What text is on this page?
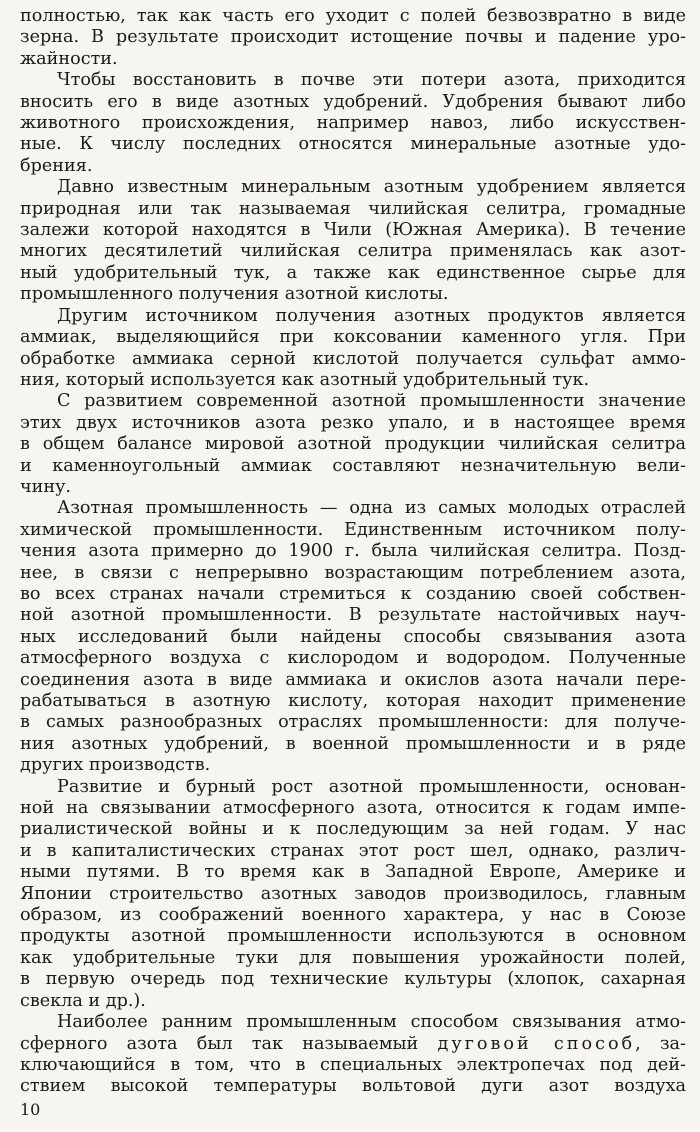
полностью, так как часть его уходит с полей безвозвратно в виде
зерна. В результате происходит истощение почвы и падение уро-
жайности.
Чтобы восстановить в почве эти потери азота, приходится
вносить его в виде азотных удобрений. Удобрения бывают либо
животного происхождения, например навоз, либо искусствен-
ные. К числу последних относятся минеральные азотные удо-
брения.
Давно известным минеральным азотным удобрением является
природная или так называемая чилийская селитра, громадные
залежи которой находятся в Чили (Южная Америка). В течение
многих десятилетий чилийская селитра применялась как азот-
ный удобрительный тук, а также как единственное сырье для
промышленного получения азотной кислоты.
Другим источником получения азотных продуктов является
аммиак, выделяющийся при коксовании каменного угля. При
обработке аммиака серной кислотой получается сульфат аммо-
ния, который используется как азотный удобрительный тук.
С развитием современной азотной промышленности значение
этих двух источников азота резко упало, и в настоящее время
в общем балансе мировой азотной продукции чилийская селитра
и каменноугольный аммиак составляют незначительную вели-
чину.
Азотная промышленность — одна из самых молодых отраслей
химической промышленности. Единственным источником полу-
чения азота примерно до 1900 г. была чилийская селитра. Позд-
нее, в связи с непрерывно возрастающим потреблением азота,
во всех странах начали стремиться к созданию своей собствен-
ной азотной промышленности. В результате настойчивых науч-
ных исследований были найдены способы связывания азота
атмосферного воздуха с кислородом и водородом. Полученные
соединения азота в виде аммиака и окислов азота начали пере-
рабатываться в азотную кислоту, которая находит применение
в самых разнообразных отраслях промышленности: для получе-
ния азотных удобрений, в военной промышленности и в ряде
других производств.
Развитие и бурный рост азотной промышленности, основан-
ной на связывании атмосферного азота, относится к годам импе-
риалистической войны и к последующим за ней годам. У нас
и в капиталистических странах этот рост шел, однако, различ-
ными путями. В то время как в Западной Европе, Америке и
Японии строительство азотных заводов производилось, главным
образом, из соображений военного характера, у нас в Союзе
продукты азотной промышленности используются в основном
как удобрительные туки для повышения урожайности полей,
в первую очередь под технические культуры (хлопок, сахарная
свекла и др.).
Наиболее ранним промышленным способом связывания атмо-
сферного азота был так называемый дуговой способ, за-
ключающийся в том, что в специальных электропечах под дей-
ствием высокой температуры вольтовой дуги азот воздуха
10
